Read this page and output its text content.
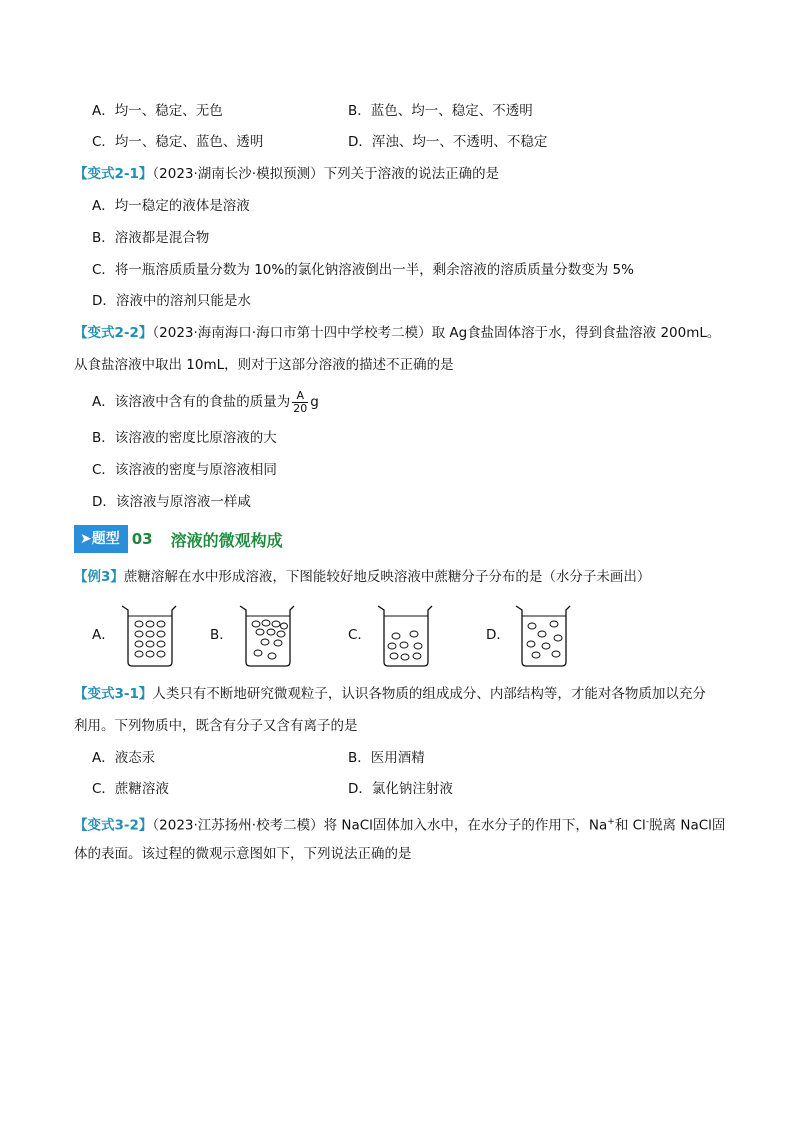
A．均一、稳定、无色	B．蓝色、均一、稳定、不透明
C．均一、稳定、蓝色、透明	D．浑浊、均一、不透明、不稳定
【变式2-1】（2023·湖南长沙·模拟预测）下列关于溶液的说法正确的是
A．均一稳定的液体是溶液
B．溶液都是混合物
C．将一瓶溶质质量分数为 10%的氯化钠溶液倒出一半，剩余溶液的溶质质量分数变为 5%
D．溶液中的溶剂只能是水
【变式2-2】（2023·海南海口·海口市第十四中学校考二模）取 Ag食盐固体溶于水，得到食盐溶液 200mL。
从食盐溶液中取出 10mL，则对于这部分溶液的描述不正确的是
A．该溶液中含有的食盐的质量为 $\frac{A}{20}$ g
B．该溶液的密度比原溶液的大
C．该溶液的密度与原溶液相同
D．该溶液与原溶液一样咸
➤题型 03 溶液的微观构成
【例3】蔗糖溶解在水中形成溶液，下图能较好地反映溶液中蔗糖分子分布的是（水分子未画出）
A．	B．	C．	D．
【变式3-1】人类只有不断地研究微观粒子，认识各物质的组成成分、内部结构等，才能对各物质加以充分
利用。下列物质中，既含有分子又含有离子的是
A．液态汞	B．医用酒精
C．蔗糖溶液	D．氯化钠注射液
【变式3-2】（2023·江苏扬州·校考二模）将 NaCl固体加入水中，在水分子的作用下，Na+和 Cl-脱离 NaCl固
体的表面。该过程的微观示意图如下，下列说法正确的是
